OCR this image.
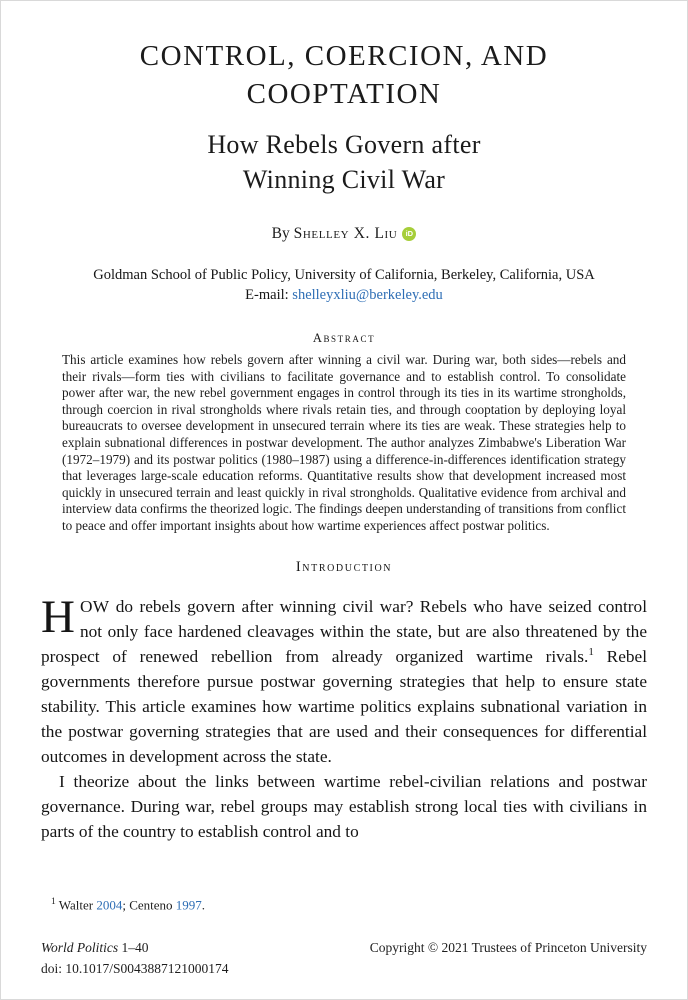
CONTROL, COERCION, AND
COOPTATION
How Rebels Govern after
Winning Civil War
By Shelley X. Liu iD
Goldman School of Public Policy, University of California, Berkeley, California, USA
E-mail: shelleyxliu@berkeley.edu
Abstract

This article examines how rebels govern after winning a civil war. During war, both sides—rebels and their rivals—form ties with civilians to facilitate governance and to establish control. To consolidate power after war, the new rebel government engages in control through its ties in its wartime strongholds, through coercion in rival strongholds where rivals retain ties, and through cooptation by deploying loyal bureaucrats to oversee development in unsecured terrain where its ties are weak. These strategies help to explain subnational differences in postwar development. The author analyzes Zimbabwe's Liberation War (1972–1979) and its postwar politics (1980–1987) using a difference-in-differences identification strategy that leverages large-scale education reforms. Quantitative results show that development increased most quickly in unsecured terrain and least quickly in rival strongholds. Qualitative evidence from archival and interview data confirms the theorized logic. The findings deepen understanding of transitions from conflict to peace and offer important insights about how wartime experiences affect postwar politics.

Introduction

HOW do rebels govern after winning civil war? Rebels who have seized control not only face hardened cleavages within the state, but are also threatened by the prospect of renewed rebellion from already organized wartime rivals.$^1$ Rebel governments therefore pursue postwar governing strategies that help to ensure state stability. This article examines how wartime politics explains subnational variation in the postwar governing strategies that are used and their consequences for differential outcomes in development across the state.

I theorize about the links between wartime rebel-civilian relations and postwar governance. During war, rebel groups may establish strong local ties with civilians in parts of the country to establish control and to

$^1$ Walter 2004; Centeno 1997.
World Politics 1–40
doi: 10.1017/S0043887121000174
Copyright © 2021 Trustees of Princeton University
